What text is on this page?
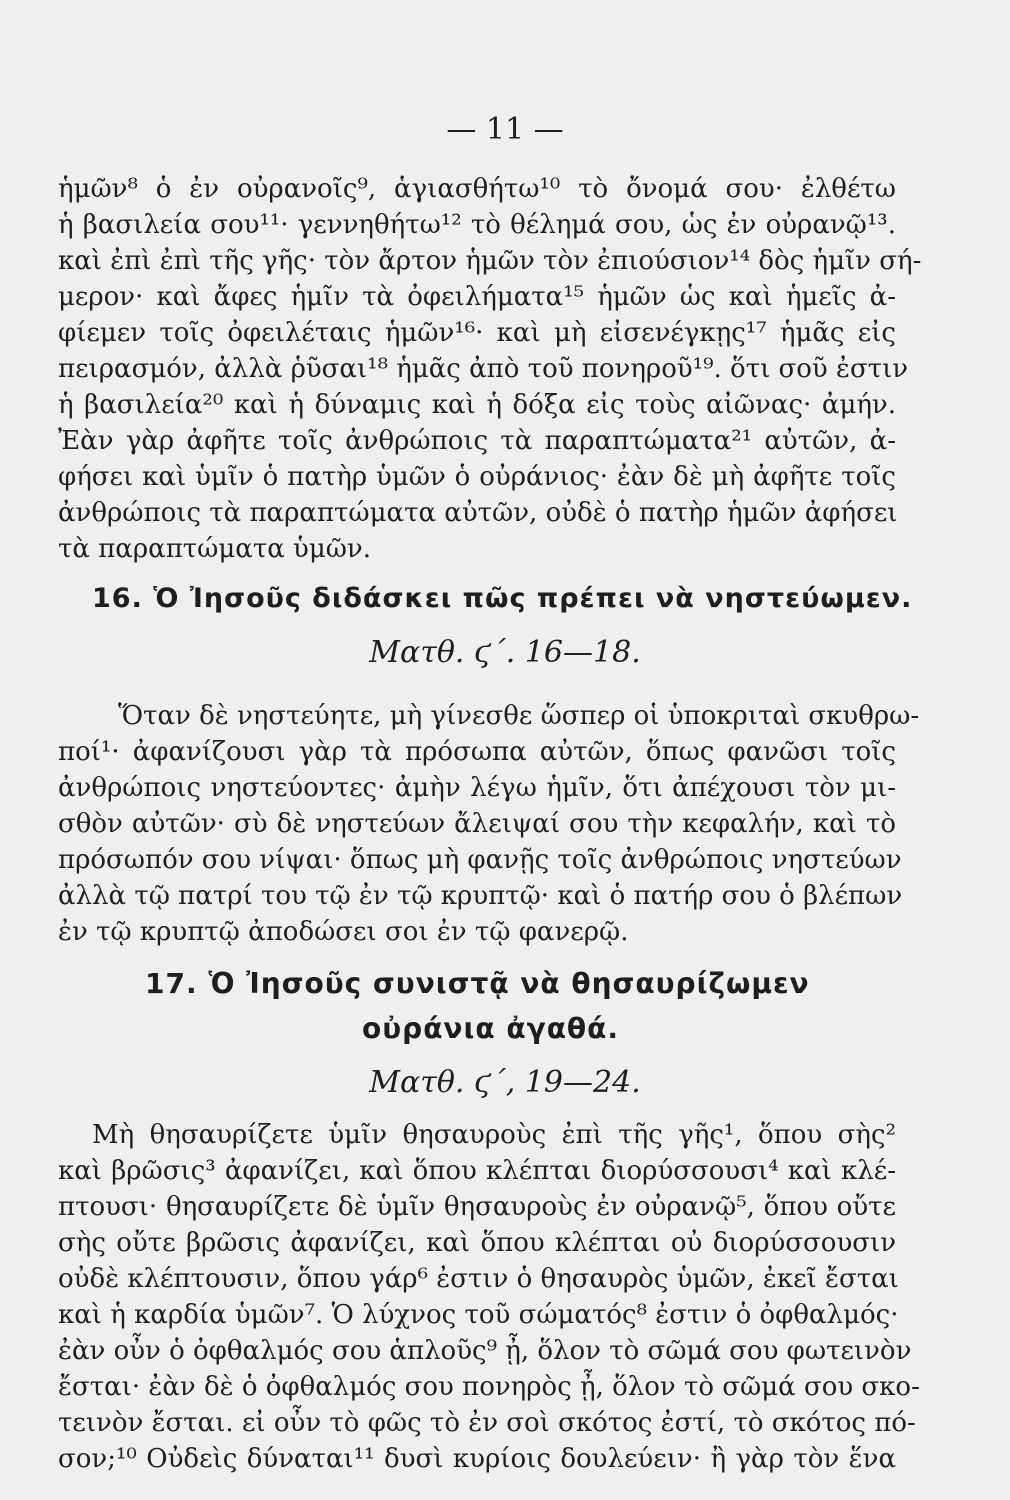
— 11 —
ἡμῶν⁸ ὁ ἐν οὐρανοῖς⁹, ἁγιασθήτω¹⁰ τὸ ὄνομά σου· ἐλθέτω
ἡ βασιλεία σου¹¹· γεννηθήτω¹² τὸ θέλημά σου, ὡς ἐν οὐρανῷ¹³.
καὶ ἐπὶ ἐπὶ τῆς γῆς· τὸν ἄρτον ἡμῶν τὸν ἐπιούσιον¹⁴ δὸς ἡμῖν σή-
μερον· καὶ ἄφες ἡμῖν τὰ ὀφειλήματα¹⁵ ἡμῶν ὡς καὶ ἡμεῖς ἀ-
φίεμεν τοῖς ὀφειλέταις ἡμῶν¹⁶· καὶ μὴ εἰσενέγκῃς¹⁷ ἡμᾶς εἰς
πειρασμόν, ἀλλὰ ῥῦσαι¹⁸ ἡμᾶς ἀπὸ τοῦ πονηροῦ¹⁹. ὅτι σοῦ ἐστιν
ἡ βασιλεία²⁰ καὶ ἡ δύναμις καὶ ἡ δόξα εἰς τοὺς αἰῶνας· ἀμήν.
Ἐὰν γὰρ ἀφῆτε τοῖς ἀνθρώποις τὰ παραπτώματα²¹ αὐτῶν, ἀ-
φήσει καὶ ὑμῖν ὁ πατὴρ ὑμῶν ὁ οὐράνιος· ἐὰν δὲ μὴ ἀφῆτε τοῖς
ἀνθρώποις τὰ παραπτώματα αὐτῶν, οὐδὲ ὁ πατὴρ ἡμῶν ἀφήσει
τὰ παραπτώματα ὑμῶν.
16. Ὁ Ἰησοῦς διδάσκει πῶς πρέπει νὰ νηστεύωμεν.
Ματθ. ϛ΄. 16—18.
Ὅταν δὲ νηστεύητε, μὴ γίνεσθε ὥσπερ οἱ ὑποκριταὶ σκυθρω-
ποί¹· ἀφανίζουσι γὰρ τὰ πρόσωπα αὐτῶν, ὅπως φανῶσι τοῖς
ἀνθρώποις νηστεύοντες· ἀμὴν λέγω ἡμῖν, ὅτι ἀπέχουσι τὸν μι-
σθὸν αὐτῶν· σὺ δὲ νηστεύων ἄλειψαί σου τὴν κεφαλήν, καὶ τὸ
πρόσωπόν σου νίψαι· ὅπως μὴ φανῇς τοῖς ἀνθρώποις νηστεύων
ἀλλὰ τῷ πατρί του τῷ ἐν τῷ κρυπτῷ· καὶ ὁ πατήρ σου ὁ βλέπων
ἐν τῷ κρυπτῷ ἀποδώσει σοι ἐν τῷ φανερῷ.
17. Ὁ Ἰησοῦς συνιστᾷ νὰ θησαυρίζωμεν
οὐράνια ἀγαθά.
Ματθ. ϛ΄, 19—24.
Μὴ θησαυρίζετε ὑμῖν θησαυροὺς ἐπὶ τῆς γῆς¹, ὅπου σὴς²
καὶ βρῶσις³ ἀφανίζει, καὶ ὅπου κλέπται διορύσσουσι⁴ καὶ κλέ-
πτουσι· θησαυρίζετε δὲ ὑμῖν θησαυροὺς ἐν οὐρανῷ⁵, ὅπου οὔτε
σὴς οὔτε βρῶσις ἀφανίζει, καὶ ὅπου κλέπται οὐ διορύσσουσιν
οὐδὲ κλέπτουσιν, ὅπου γάρ⁶ ἐστιν ὁ θησαυρὸς ὑμῶν, ἐκεῖ ἔσται
καὶ ἡ καρδία ὑμῶν⁷. Ὁ λύχνος τοῦ σώματός⁸ ἐστιν ὁ ὀφθαλμός·
ἐὰν οὖν ὁ ὀφθαλμός σου ἁπλοῦς⁹ ᾖ, ὅλον τὸ σῶμά σου φωτεινὸν
ἔσται· ἐὰν δὲ ὁ ὀφθαλμός σου πονηρὸς ᾖ, ὅλον τὸ σῶμά σου σκο-
τεινὸν ἔσται. εἰ οὖν τὸ φῶς τὸ ἐν σοὶ σκότος ἐστί, τὸ σκότος πό-
σον;¹⁰ Οὐδεὶς δύναται¹¹ δυσὶ κυρίοις δουλεύειν· ἢ γὰρ τὸν ἕνα
